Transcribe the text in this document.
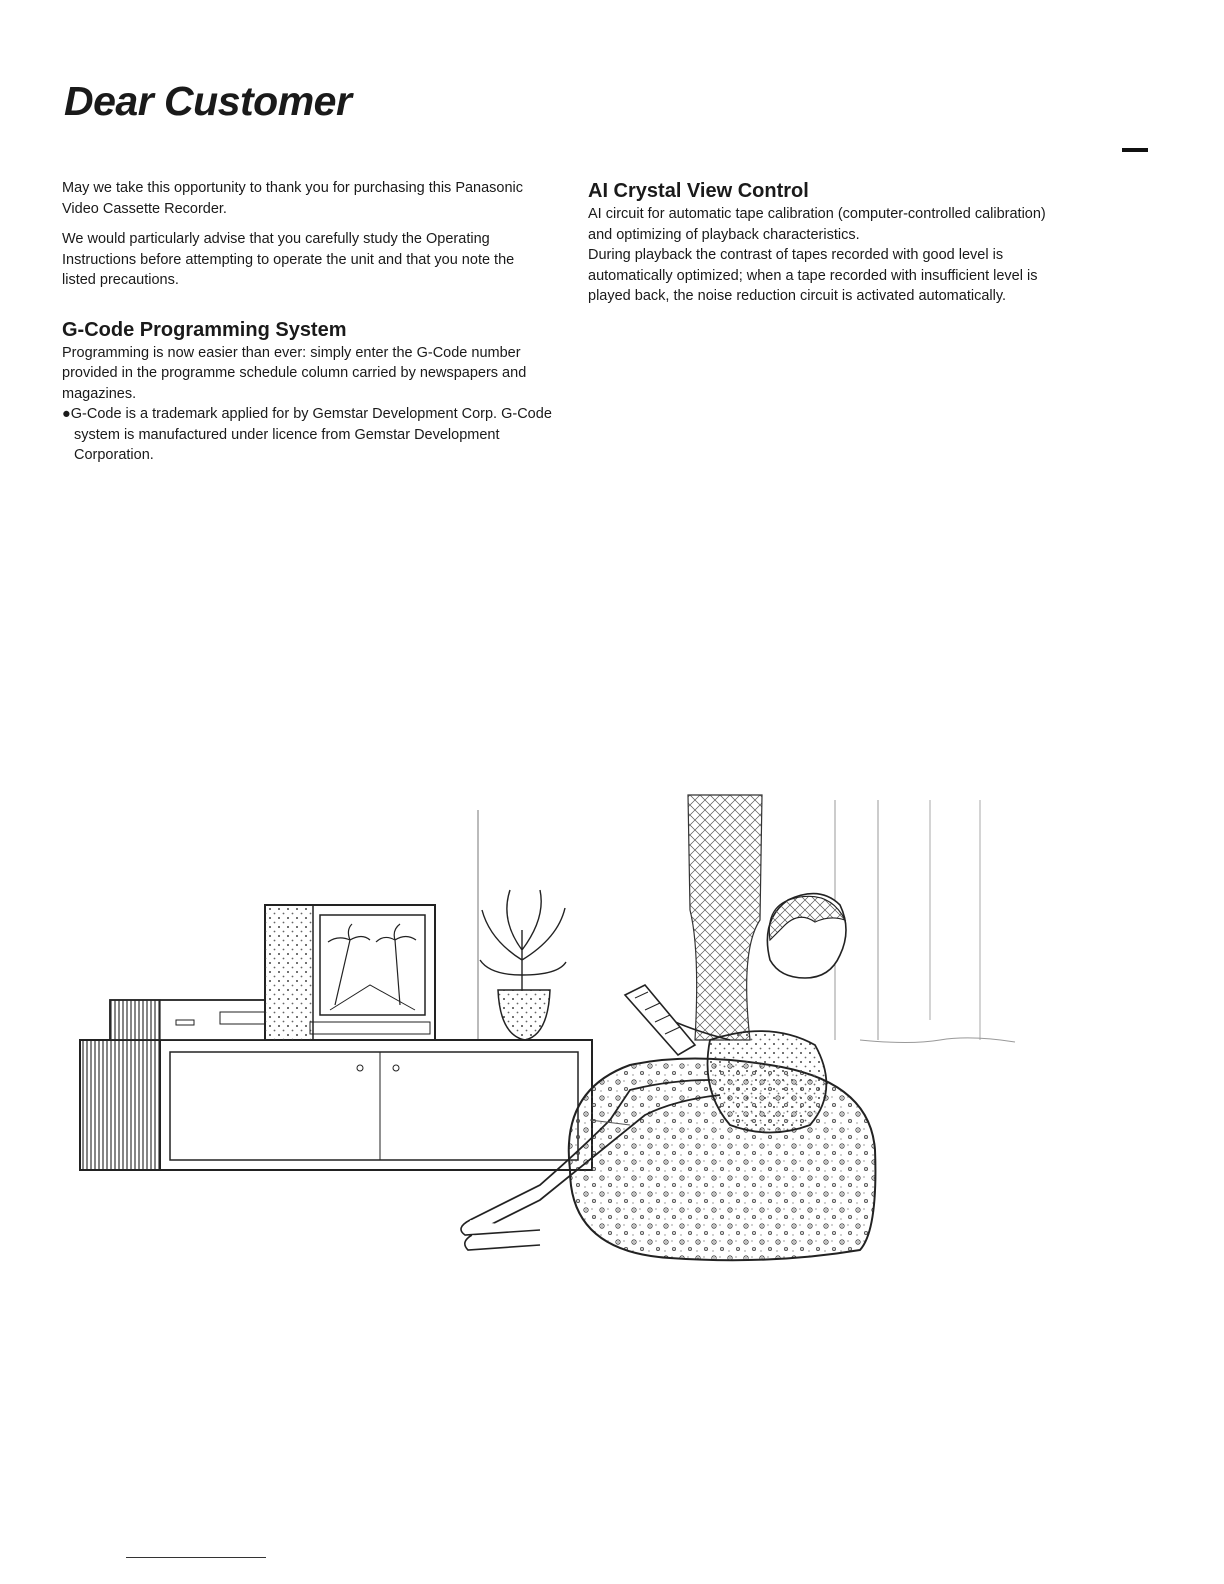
Dear Customer

May we take this opportunity to thank you for purchasing this Panasonic Video Cassette Recorder.

We would particularly advise that you carefully study the Operating Instructions before attempting to operate the unit and that you note the listed precautions.

G-Code Programming System

Programming is now easier than ever: simply enter the G-Code number provided in the programme schedule column carried by newspapers and magazines.

●G-Code is a trademark applied for by Gemstar Development Corp. G-Code system is manufactured under licence from Gemstar Development Corporation.

AI Crystal View Control

AI circuit for automatic tape calibration (computer-controlled calibration) and optimizing of playback characteristics.

During playback the contrast of tapes recorded with good level is automatically optimized; when a tape recorded with insufficient level is played back, the noise reduction circuit is activated automatically.
